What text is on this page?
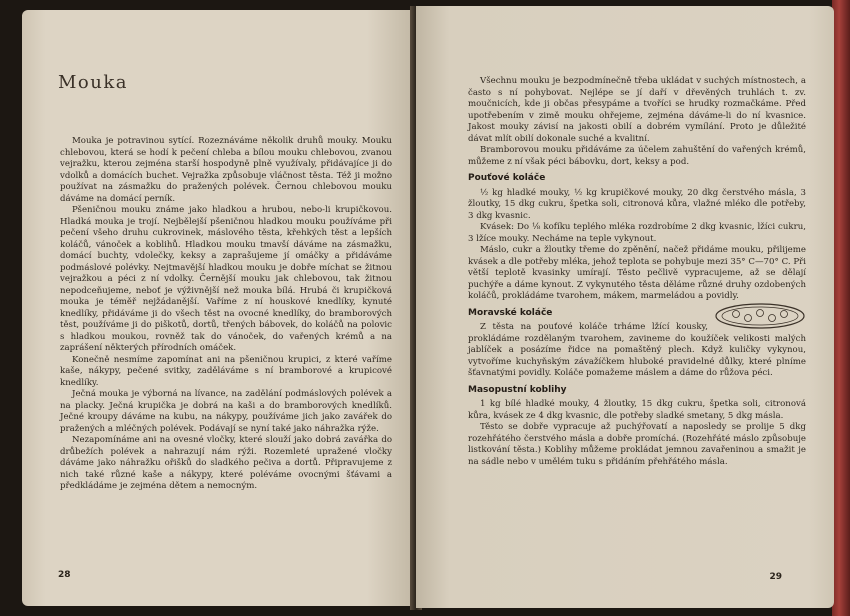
Mouka

Mouka je potravinou sytící. Rozeznáváme několik druhů mouky. Mouku chlebovou, která se hodí k pečení chleba a bílou mouku chlebovou, zvanou vejražku, kterou zejména starší hospodyně plně využívaly, přidávajíce ji do vdolků a domácích buchet. Vejražka způsobuje vláčnost těsta. Též ji možno používat na zásmažku do pražených polévek. Černou chlebovou mouku dáváme na domácí perník.

Pšeničnou mouku známe jako hladkou a hrubou, nebo-li krupičkovou. Hladká mouka je trojí. Nejbělejší pšeničnou hladkou mouku používáme při pečení všeho druhu cukrovinek, máslového těsta, křehkých těst a lepších koláčů, vánoček a koblihů. Hladkou mouku tmavší dáváme na zásmažku, domácí buchty, vdolečky, keksy a zaprašujeme jí omáčky a přidáváme podmáslové polévky. Nejtmavější hladkou mouku je dobře míchat se žitnou vejražkou a péci z ní vdolky. Černější mouku jak chlebovou, tak žitnou nepodceňujeme, neboť je výživnější než mouka bílá. Hrubá či krupičková mouka je téměř nejžádanější. Vaříme z ní houskové knedlíky, kynuté knedlíky, přidáváme ji do všech těst na ovocné knedlíky, do bramborových těst, používáme ji do piškotů, dortů, třených bábovek, do koláčů na polovic s hladkou moukou, rovněž tak do vánoček, do vařených krémů a na zaprášení některých přírodních omáček.

Konečně nesmíme zapomínat ani na pšeničnou krupici, z které vaříme kaše, nákypy, pečené svitky, zaděláváme s ní bramborové a krupicové knedlíky.

Ječná mouka je výborná na lívance, na zadělání podmáslových polévek a na placky. Ječná krupička je dobrá na kaši a do bramborových knedlíků. Ječné kroupy dáváme na kubu, na nákypy, používáme jich jako zavářek do pražených a mléčných polévek. Podávají se nyní také jako náhražka rýže.

Nezapomínáme ani na ovesné vločky, které slouží jako dobrá zavářka do drůbežích polévek a nahrazují nám rýži. Rozemleté upražené vločky dáváme jako náhražku ořišků do sladkého pečiva a dortů. Připravujeme z nich také různé kaše a nákypy, které poléváme ovocnými šťávami a předkládáme je zejména dětem a nemocným.

28

Všechnu mouku je bezpodmínečně třeba ukládat v suchých místnostech, a často s ní pohybovat. Nejlépe se jí daří v dřevěných truhlách t. zv. moučnicích, kde ji občas přesypáme a tvoříci se hrudky rozmačkáme. Před upotřebením v zimě mouku ohřejeme, zejména dáváme-li do ní kvasnice. Jakost mouky závisí na jakosti obilí a dobrém vymílání. Proto je důležité dávat mlít obilí dokonale suché a kvalitní.

Bramborovou mouku přidáváme za účelem zahuštění do vařených krémů, můžeme z ní však péci bábovku, dort, keksy a pod.

Pouťové koláče

½ kg hladké mouky, ½ kg krupičkové mouky, 20 dkg čerstvého másla, 3 žloutky, 15 dkg cukru, špetka soli, citronová kůra, vlažné mléko dle potřeby, 3 dkg kvasnic.

Kvásek: Do ⅛ kofíku teplého mléka rozdrobíme 2 dkg kvasnic, lžíci cukru, 3 lžíce mouky. Necháme na teple vykynout.

Máslo, cukr a žloutky třeme do zpěnění, načež přidáme mouku, přilijeme kvásek a dle potřeby mléka, jehož teplota se pohybuje mezi 35° C—70° C. Při větší teplotě kvasinky umírají. Těsto pečlivě vypracujeme, až se dělají puchýře a dáme kynout. Z vykynutého těsta děláme různé druhy ozdobených koláčů, prokládáme tvarohem, mákem, marmeládou a povidly.

Moravské koláče

Z těsta na pouťové koláče trháme lžící kousky, prokládáme rozdělaným tvarohem, zavineme do koužíček velikosti malých jablíček a posázíme řidce na pomaštěný plech. Když kuličky vykynou, vytvoříme kuchyňským závažíčkem hluboké pravidelné důlky, které plníme šťavnatými povidly. Koláče pomažeme máslem a dáme do růžova péci.

Masopustní koblihy

1 kg bílé hladké mouky, 4 žloutky, 15 dkg cukru, špetka soli, citronová kůra, kvásek ze 4 dkg kvasnic, dle potřeby sladké smetany, 5 dkg másla.

Těsto se dobře vypracuje až puchýřovatí a naposledy se prolije 5 dkg rozehřátého čerstvého másla a dobře promíchá. (Rozehřáté máslo způsobuje listkování těsta.) Koblihy můžeme prokládat jemnou zavařeninou a smažit je na sádle nebo v umělém tuku s přidáním přehřátého másla.

29
